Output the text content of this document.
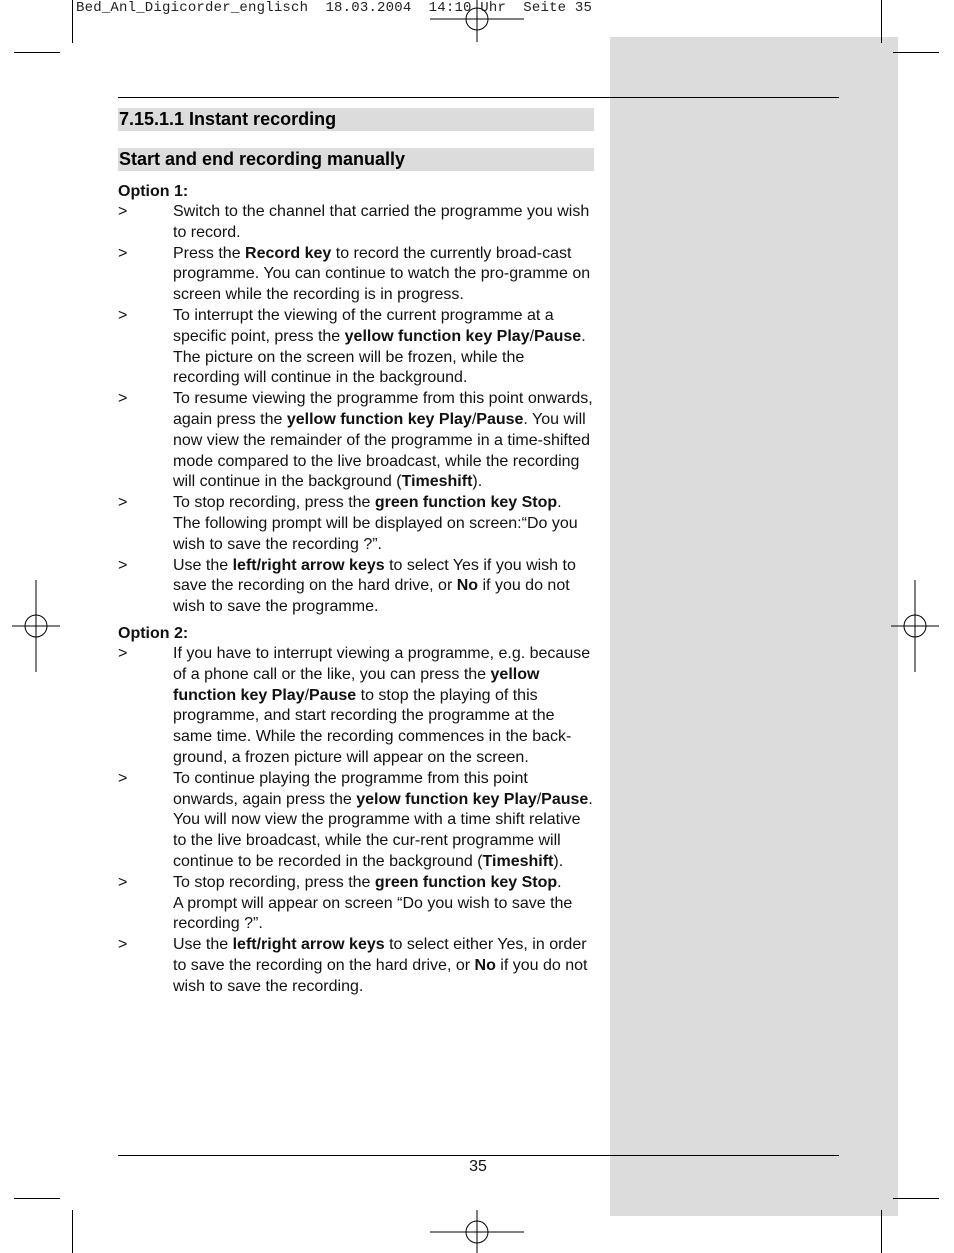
Bed_Anl_Digicorder_englisch  18.03.2004  14:10 Uhr  Seite 35
7.15.1.1 Instant recording
Start and end recording manually
Option 1:
>	Switch to the channel that carried the programme you wish to record.
>	Press the Record key to record the currently broad-cast programme. You can continue to watch the pro-gramme on screen while the recording is in progress.
>	To interrupt the viewing of the current programme at a specific point, press the yellow function key Play/Pause. The picture on the screen will be frozen, while the recording will continue in the background.
>	To resume viewing the programme from this point onwards, again press the yellow function key Play/Pause. You will now view the remainder of the programme in a time-shifted mode compared to the live broadcast, while the recording will continue in the background (Timeshift).
>	To stop recording, press the green function key Stop.
The following prompt will be displayed on screen:“Do you wish to save the recording ?”.
>	Use the left/right arrow keys to select Yes if you wish to save the recording on the hard drive, or No if you do not wish to save the programme.
Option 2:
>	If you have to interrupt viewing a programme, e.g. because of a phone call or the like, you can press the yellow function key Play/Pause to stop the playing of this programme, and start recording the programme at the same time. While the recording commences in the back-
ground, a frozen picture will appear on the screen.
>	To continue playing the programme from this point onwards, again press the yelow function key Play/Pause. You will now view the programme with a time shift relative to the live broadcast, while the cur-rent programme will continue to be recorded in the background (Timeshift).
>	To stop recording, press the green function key Stop.
A prompt will appear on screen “Do you wish to save the recording ?”.
>	Use the left/right arrow keys to select either Yes, in order to save the recording on the hard drive, or No if you do not wish to save the recording.
35
